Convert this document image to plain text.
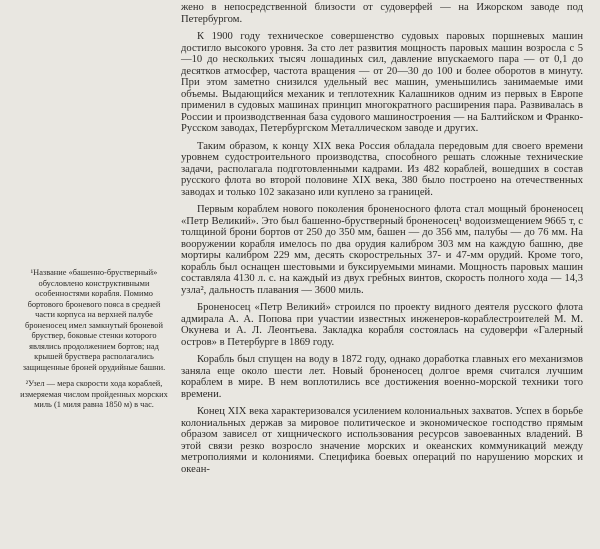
¹Название «башенно-брустверный» обусловлено конструктивными особенностями корабля. Помимо бортового броневого пояса в средней части корпуса на верхней палубе броненосец имел замкнутый броневой бруствер, боковые стенки которого являлись продолжением бортов; над крышей бруствера располагались защищенные броней орудийные башни.

²Узел — мера скорости хода кораблей, измеряемая числом пройденных морских миль (1 миля равна 1850 м) в час.

жено в непосредственной близости от судоверфей — на Ижорском заводе под Петербургом.

К 1900 году техническое совершенство судовых паровых поршневых машин достигло высокого уровня. За сто лет развития мощность паровых машин возросла с 5—10 до нескольких тысяч лошадиных сил, давление впускаемого пара — от 0,1 до десятков атмосфер, частота вращения — от 20—30 до 100 и более оборотов в минуту. При этом заметно снизился удельный вес машин, уменьшились занимаемые ими объемы. Выдающийся механик и теплотехник Калашников одним из первых в Европе применил в судовых машинах принцип многократного расширения пара. Развивалась в России и производственная база судового машиностроения — на Балтийском и Франко-Русском заводах, Петербургском Металлическом заводе и других.

Таким образом, к концу XIX века Россия обладала передовым для своего времени уровнем судостроительного производства, способного решать сложные технические задачи, располагала подготовленными кадрами. Из 482 кораблей, вошедших в состав русского флота во второй половине XIX века, 380 было построено на отечественных заводах и только 102 заказано или куплено за границей.

Первым кораблем нового поколения броненосного флота стал мощный броненосец «Петр Великий». Это был башенно-брустверный броненосец¹ водоизмещением 9665 т, с толщиной брони бортов от 250 до 350 мм, башен — до 356 мм, палубы — до 76 мм. На вооружении корабля имелось по два орудия калибром 303 мм на каждую башню, две мортиры калибром 229 мм, десять скорострельных 37- и 47-мм орудий. Кроме того, корабль был оснащен шестовыми и буксируемыми минами. Мощность паровых машин составляла 4130 л. с. на каждый из двух гребных винтов, скорость полного хода — 14,3 узла², дальность плавания — 3600 миль.

Броненосец «Петр Великий» строился по проекту видного деятеля русского флота адмирала А. А. Попова при участии известных инженеров-кораблестроителей М. М. Окунева и А. Л. Леонтьева. Закладка корабля состоялась на судоверфи «Галерный остров» в Петербурге в 1869 году.

Корабль был спущен на воду в 1872 году, однако доработка главных его механизмов заняла еще около шести лет. Новый броненосец долгое время считался лучшим кораблем в мире. В нем воплотились все достижения военно-морской техники того времени.

Конец XIX века характеризовался усилением колониальных захватов. Успех в борьбе колониальных держав за мировое политическое и экономическое господство прямым образом зависел от хищнического использования ресурсов завоеванных владений. В этой связи резко возросло значение морских и океанских коммуникаций между метрополиями и колониями. Специфика боевых операций по нарушению морских и океан-
